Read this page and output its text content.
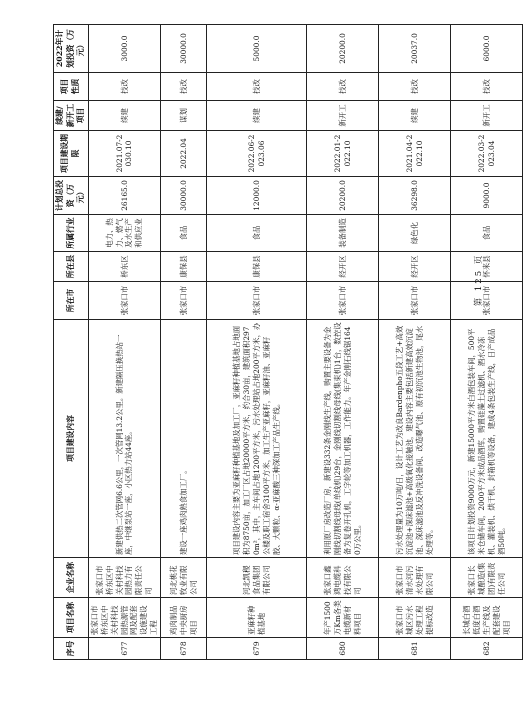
序号	项目名称	企业名称	项目建设内容	所在市	所在县	所属行业	计划总投资（万元）	项目建设期限	续建/新开工项目	项目性质	2022年计划投资（万元）
677	张家口市桥东区中关村科技园热源管网及配套设施建设工程	张家口市桥东区中关村科技园热力有限责任公司	新建供热二次管网6.6公里，一次管网13.2公里。新建隔压换热站一座，中继泵站一座，小区热力站44座。	张家口市	桥东区	电力、热力、燃气及水生产和供应业	26165.0	2021.07-2030.10	续建	技改	3000.0
678	鸡肉制品中央厨房项目	河北桃花牧业有限公司	建设一座鸡肉熟食加工厂。	张家口市	康保县	食品	30000.0	2022.04	谋划	技改	30000.0
679	亚麻籽种植基地	河北凯稷食品集团有限公司	项目建设内容主要为亚麻籽种植基地及加工厂，亚麻籽种植基地占地面积为8750亩，加工厂区占地20000平方米，约合30亩，建筑面积2970m²，其中，主车间占地1200平方米，污水处理站占地200平方米，办公楼及职工宿舍3100平方米，加工生产亚麻籽，亚麻籽油、亚麻籽胶、大颗粒、α-亚麻酸三种深加工产品生产线。	张家口市	康保县	食品	12000.0	2022.06-2023.06	续建	技改	5000.0
680	年产1500万Km各类电缆新材料项目	张家口鑫鸿电缆科技有限公司	利用原厂房改造厂房，新建设332条金刚线生产线，购置主要设备为金刚线切割线母线(单线机)29台，金刚线切割线母线(集束机)1台，数控设备为复卷开孔机，工字轮等加工机器，工作能力。年产金刚石线锯1640万公里。	张家口市	经开区	装备制造	20200.0	2022.01-2022.10	新开工	技改	20200.0
681	张家口市城区污水处理工程提标改造	张家口市清水河污水处理有限公司	污水处理量为10万吨/日，设计工艺为改良Bardenpho五段工艺+高效沉淀池+深床滤池+高级氧化接触池，建设内容主要包括新建高效沉淀池、深床滤池及反冲洗设备间、改造曝气池、原有初沉池生物池，尾水处理等。	张家口市	经开区	绿色化	36298.0	2021.04-2022.10	续建	技改	20037.0
682	长城白酒低度白酒生产线及配套建设项目	张家口长城酿造(集团)有限责任公司	该项目计划投资9000万元，新建15000平方米白酒包装车间，500平米仓储车间，2000平方米成品酒库，购置硅藻土过滤机、酒水冷冻机、灌装机、烘干机、封箱机等设备，建成4条包装生产线，日产成品酒50吨。	张家口市	怀来县	食品	9000.0	2022.03-2023.04	新开工	技改	6000.0
第 125 页
